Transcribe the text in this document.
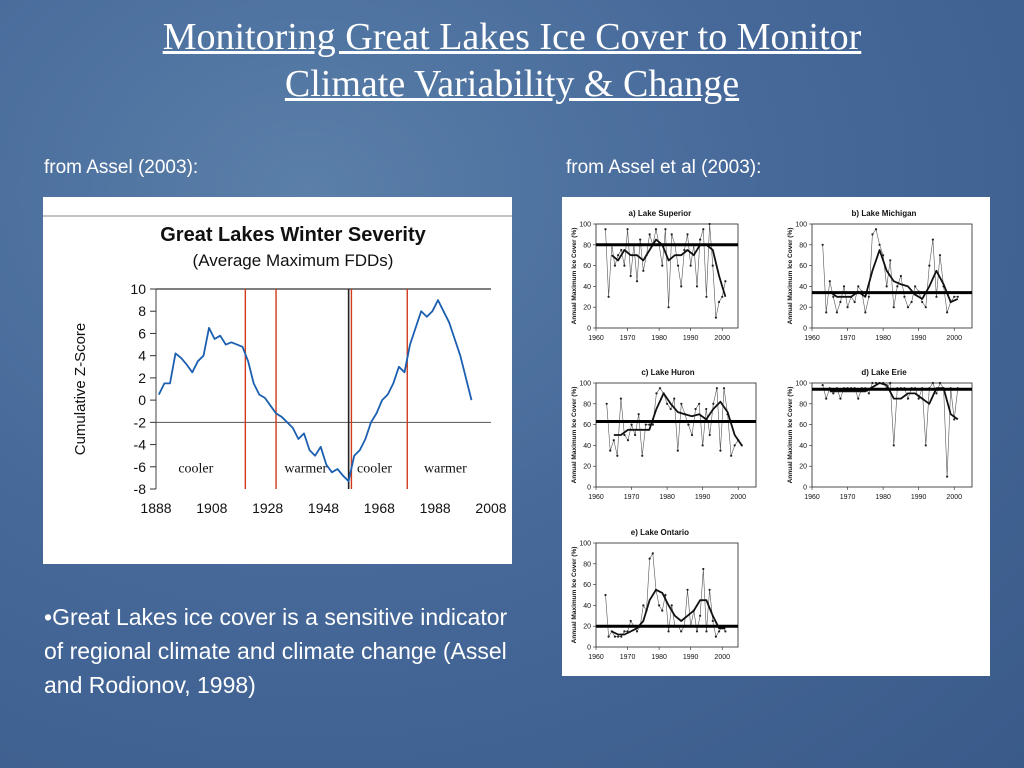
Monitoring Great Lakes Ice Cover to Monitor
Climate Variability & Change
from Assel (2003):	from Assel et al (2003):
Great Lakes Winter Severity
(Average Maximum FDDs)
10
8
6
4
2
0
-2
-4
-6
-8
1888 1908 1928 1948 1968 1988 2008
Cumulative Z-Score
cooler	warmer cooler warmer
a) Lake Superior
0
20
40
60
80
100
1960 1970 1980 1990 2000
Annual Maximum Ice Cover (%)
b) Lake Michigan
0
20
40
60
80
100
1960	1970	1980	1990	2000
Annual Maximum Ice Cover (%)
c) Lake Huron
0
20
40
60
80
100
1960	1970	1980	1990	2000
Annual Maximum Ice Cover (%)
d) Lake Erie
0
20
40
60
80
100
1960	1970	1980	1990	2000
Annual Maximum Ice Cover (%)
e) Lake Ontario
0
20
40
60
80
100
1960 1970 1980 1990 2000
Annual Maximum Ice Cover (%)
•Great Lakes ice cover is a sensitive indicator of regional climate and climate change (Assel and Rodionov, 1998)
